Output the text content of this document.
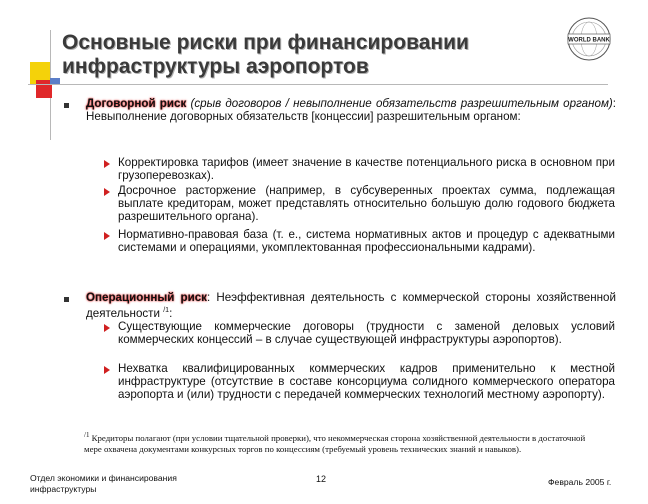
Основные риски при финансировании
инфраструктуры аэропортов
WORLD BANK
Договорной риск (срыв договоров / невыполнение обязательств разрешительным органом): Невыполнение договорных обязательств [концессии] разрешительным органом:
Корректировка тарифов (имеет значение в качестве потенциального риска в основном при грузоперевозках).
Досрочное расторжение (например, в субсуверенных проектах сумма, подлежащая выплате кредиторам, может представлять относительно большую долю годового бюджета разрешительного органа).
Нормативно-правовая база (т. е., система нормативных актов и процедур с адекватными системами и операциями, укомплектованная профессиональными кадрами).
Операционный риск: Неэффективная деятельность с коммерческой стороны хозяйственной деятельности $^{/1}$:
Существующие коммерческие договоры (трудности с заменой деловых условий коммерческих концессий – в случае существующей инфраструктуры аэропортов).
Нехватка квалифицированных коммерческих кадров применительно к местной инфраструктуре (отсутствие в составе консорциума солидного коммерческого оператора аэропорта и (или) трудности с передачей коммерческих технологий местному аэропорту).
$^{/1}$ Кредиторы полагают (при условии тщательной проверки), что некоммерческая сторона хозяйственной деятельности в достаточной мере охвачена документами конкурсных торгов по концессиям (требуемый уровень технических знаний и навыков).
Отдел экономики и финансирования инфраструктуры
12	Февраль 2005 г.
